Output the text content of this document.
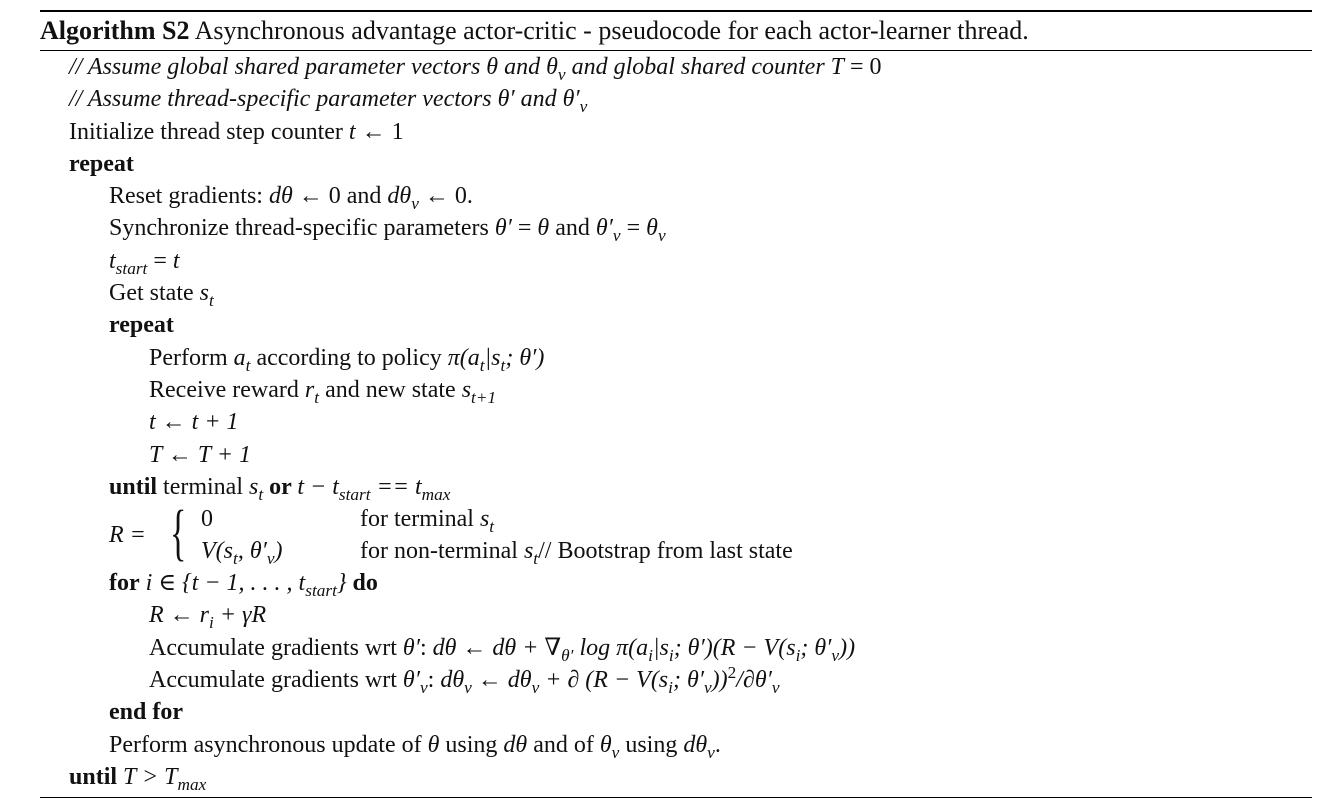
Algorithm S2 Asynchronous advantage actor-critic - pseudocode for each actor-learner thread.
// Assume global shared parameter vectors θ and $\theta_v$ and global shared counter T = 0
// Assume thread-specific parameter vectors θ′ and $\theta'_v$
Initialize thread step counter t ← 1
repeat
Reset gradients: dθ ← 0 and $d\theta_v$ ← 0.
Synchronize thread-specific parameters θ′ = θ and $\theta'_v = \theta_v$
$t_{start} = t$
Get state $s_t$
repeat
Perform $a_t$ according to policy $\pi(a_t|s_t$; θ′)
Receive reward $r_t$ and new state $s_{t+1}$
t ← t + 1
T ← T + 1
until terminal $s_t$ or $t - t_{start} == t_{max}$
R = { 0	for terminal $s_t$
$V(s_t$, $\theta'_v$)	for non-terminal $s_t//$ Bootstrap from last state
for i ∈ {t − 1, . . . , $t_{start}$} do
R ← $r_i + \gamma R$
Accumulate gradients wrt θ′: dθ ← $d\theta + \nabla_{\theta'}$ $\log \pi(a_i|s_i$; $\theta')(R - V(s_i$; $\theta'_v$))
Accumulate gradients wrt $\theta'_v$: $d\theta_v$ ← $d\theta_v$ + ∂ ($R - V(s_i$; $\theta'_v))^2/\partial\theta'_v$
end for
Perform asynchronous update of θ using dθ and of $\theta_v$ using $d\theta_v$.
until $T > T_{max}$
